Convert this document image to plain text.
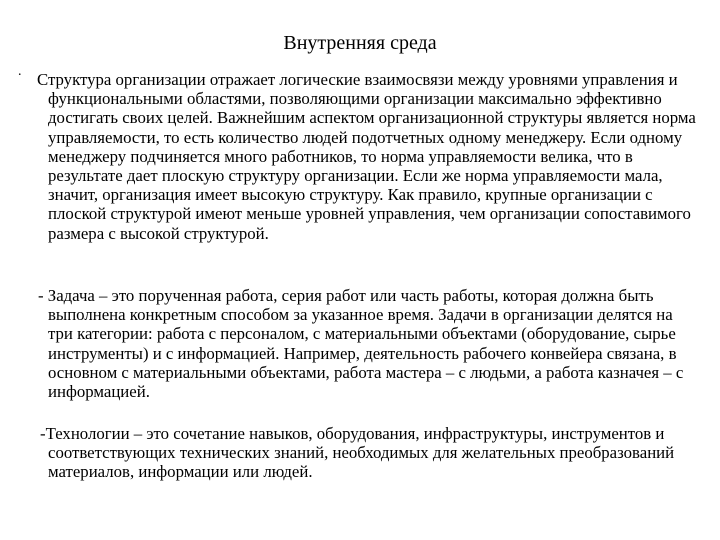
Внутренняя среда
. Структура организации отражает логические взаимосвязи между уровнями управления и функциональными областями, позволяющими организации максимально эффективно достигать своих целей. Важнейшим аспектом организационной структуры является норма управляемости, то есть количество людей подотчетных одному менеджеру. Если одному менеджеру подчиняется много работников, то норма управляемости велика, что в результате дает плоскую структуру организации. Если же норма управляемости мала, значит, организация имеет высокую структуру. Как правило, крупные организации с плоской структурой имеют меньше уровней управления, чем организации сопоставимого размера с высокой структурой.

- Задача – это порученная работа, серия работ или часть работы, которая должна быть выполнена конкретным способом за указанное время. Задачи в организации делятся на три категории: работа с персоналом, с материальными объектами (оборудование, сырье инструменты) и с информацией. Например, деятельность рабочего конвейера связана, в основном с материальными объектами, работа мастера – с людьми, а работа казначея – с информацией.

-Технологии – это сочетание навыков, оборудования, инфраструктуры, инструментов и соответствующих технических знаний, необходимых для желательных преобразований материалов, информации или людей.
